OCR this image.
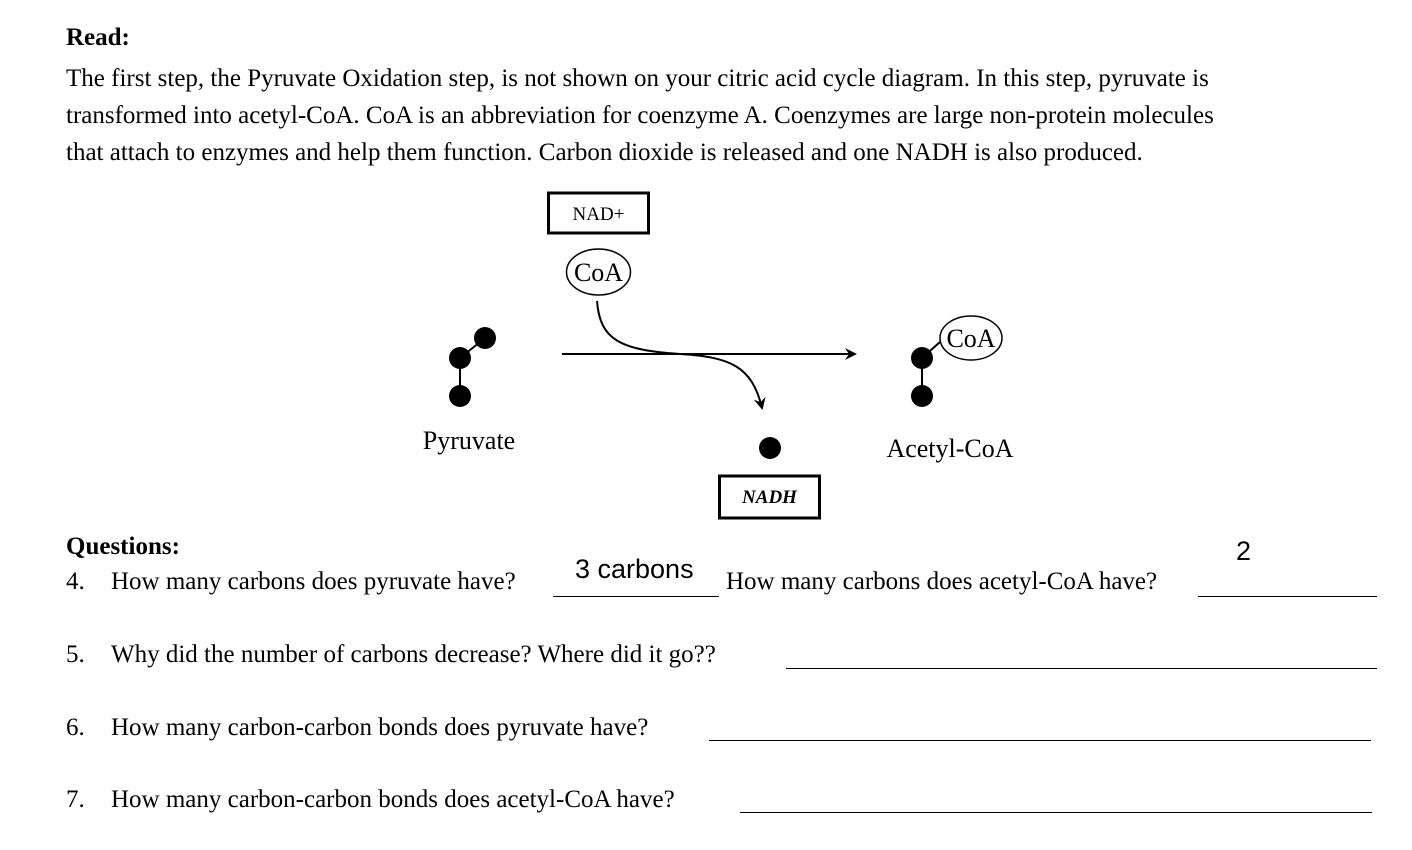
Read:
The first step, the Pyruvate Oxidation step, is not shown on your citric acid cycle diagram. In this step, pyruvate is
transformed into acetyl-CoA. CoA is an abbreviation for coenzyme A. Coenzymes are large non-protein molecules
that attach to enzymes and help them function. Carbon dioxide is released and one NADH is also produced.
NAD+
CoA
Pyruvate
NADH
CoA
Acetyl-CoA
Questions:
4. How many carbons does pyruvate have? 3 carbons How many carbons does acetyl-CoA have?
2
5. Why did the number of carbons decrease? Where did it go??
6. How many carbon-carbon bonds does pyruvate have?
7. How many carbon-carbon bonds does acetyl-CoA have?
